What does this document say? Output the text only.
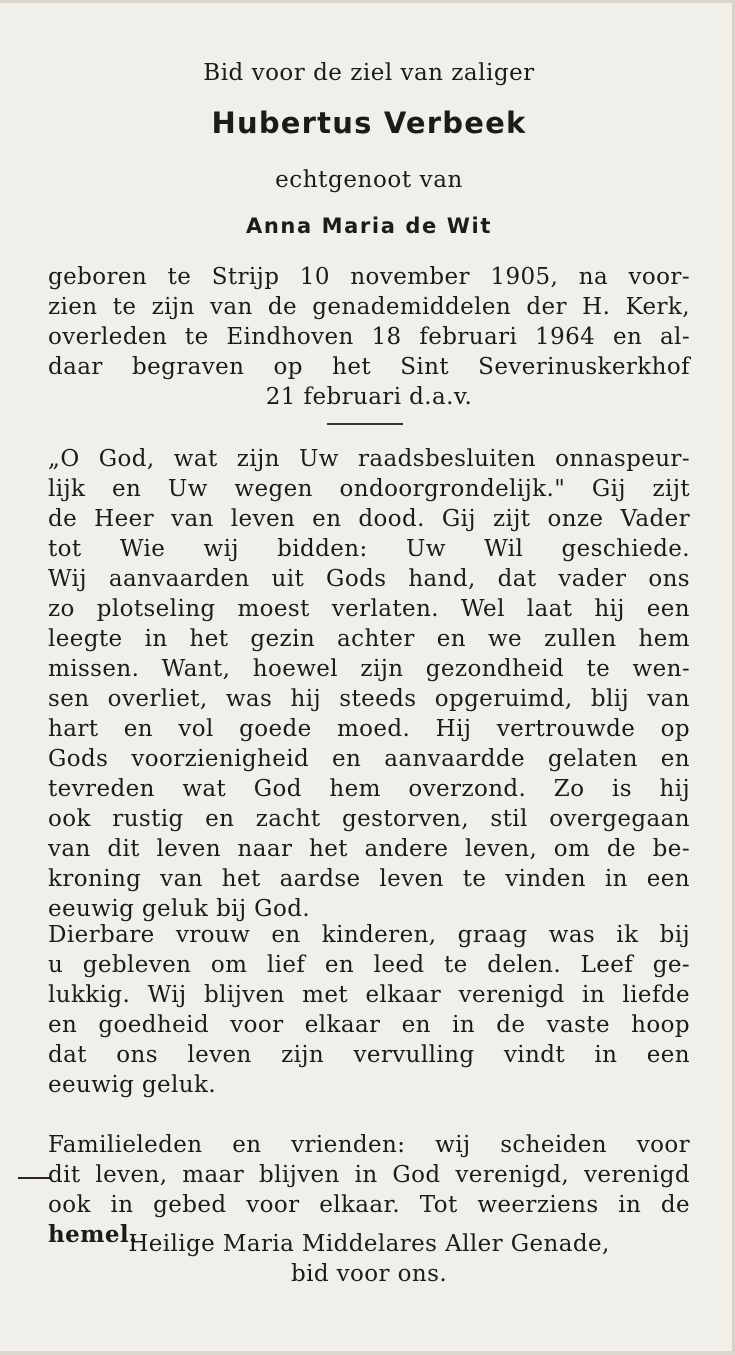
Bid voor de ziel van zaliger
Hubertus Verbeek
echtgenoot van
Anna Maria de Wit
geboren te Strijp 10 november 1905, na voor-
zien te zijn van de genademiddelen der H. Kerk,
overleden te Eindhoven 18 februari 1964 en al-
daar begraven op het Sint Severinuskerkhof
21 februari d.a.v.
„O God, wat zijn Uw raadsbesluiten onnaspeur-
lijk en Uw wegen ondoorgrondelijk." Gij zijt
de Heer van leven en dood. Gij zijt onze Vader
tot Wie wij bidden: Uw Wil geschiede.
Wij aanvaarden uit Gods hand, dat vader ons
zo plotseling moest verlaten. Wel laat hij een
leegte in het gezin achter en we zullen hem
missen. Want, hoewel zijn gezondheid te wen-
sen overliet, was hij steeds opgeruimd, blij van
hart en vol goede moed. Hij vertrouwde op
Gods voorzienigheid en aanvaardde gelaten en
tevreden wat God hem overzond. Zo is hij
ook rustig en zacht gestorven, stil overgegaan
van dit leven naar het andere leven, om de be-
kroning van het aardse leven te vinden in een
eeuwig geluk bij God.
Dierbare vrouw en kinderen, graag was ik bij
u gebleven om lief en leed te delen. Leef ge-
lukkig. Wij blijven met elkaar verenigd in liefde
en goedheid voor elkaar en in de vaste hoop
dat ons leven zijn vervulling vindt in een
eeuwig geluk.
Familieleden en vrienden: wij scheiden voor
dit leven, maar blijven in God verenigd, verenigd
ook in gebed voor elkaar. Tot weerziens in de
hemel.
Heilige Maria Middelares Aller Genade,
bid voor ons.
